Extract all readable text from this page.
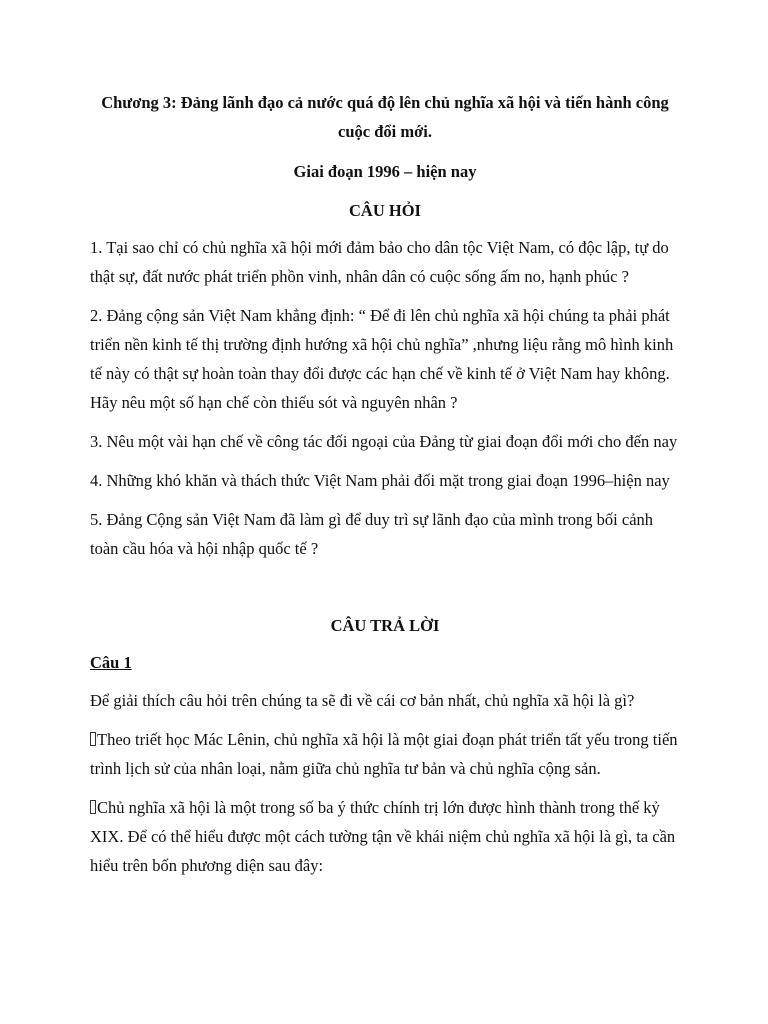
Chương 3: Đảng lãnh đạo cả nước quá độ lên chủ nghĩa xã hội và tiến hành công cuộc đổi mới.

Giai đoạn 1996 – hiện nay

CÂU HỎI

1. Tại sao chỉ có chủ nghĩa xã hội mới đảm bảo cho dân tộc Việt Nam, có độc lập, tự do thật sự, đất nước phát triển phồn vinh, nhân dân có cuộc sống ấm no, hạnh phúc ?

2. Đảng cộng sản Việt Nam khẳng định: “ Để đi lên chủ nghĩa xã hội chúng ta phải phát triển nền kinh tế thị trường định hướng xã hội chủ nghĩa” ,nhưng liệu rằng mô hình kinh tế này có thật sự hoàn toàn thay đổi được các hạn chế về kinh tế ở Việt Nam hay không. Hãy nêu một số hạn chế còn thiếu sót và nguyên nhân ?

3. Nêu một vài hạn chế về công tác đối ngoại của Đảng từ giai đoạn đổi mới cho đến nay

4. Những khó khăn và thách thức Việt Nam phải đối mặt trong giai đoạn 1996–hiện nay

5. Đảng Cộng sản Việt Nam đã làm gì để duy trì sự lãnh đạo của mình trong bối cảnh toàn cầu hóa và hội nhập quốc tế ?

CÂU TRẢ LỜI

Câu 1

Để giải thích câu hỏi trên chúng ta sẽ đi về cái cơ bản nhất, chủ nghĩa xã hội là gì?

Theo triết học Mác Lênin, chủ nghĩa xã hội là một giai đoạn phát triển tất yếu trong tiến trình lịch sử của nhân loại, nằm giữa chủ nghĩa tư bản và chủ nghĩa cộng sản.

Chủ nghĩa xã hội là một trong số ba ý thức chính trị lớn được hình thành trong thế kỷ XIX. Để có thể hiểu được một cách tường tận về khái niệm chủ nghĩa xã hội là gì, ta cần hiểu trên bốn phương diện sau đây:
